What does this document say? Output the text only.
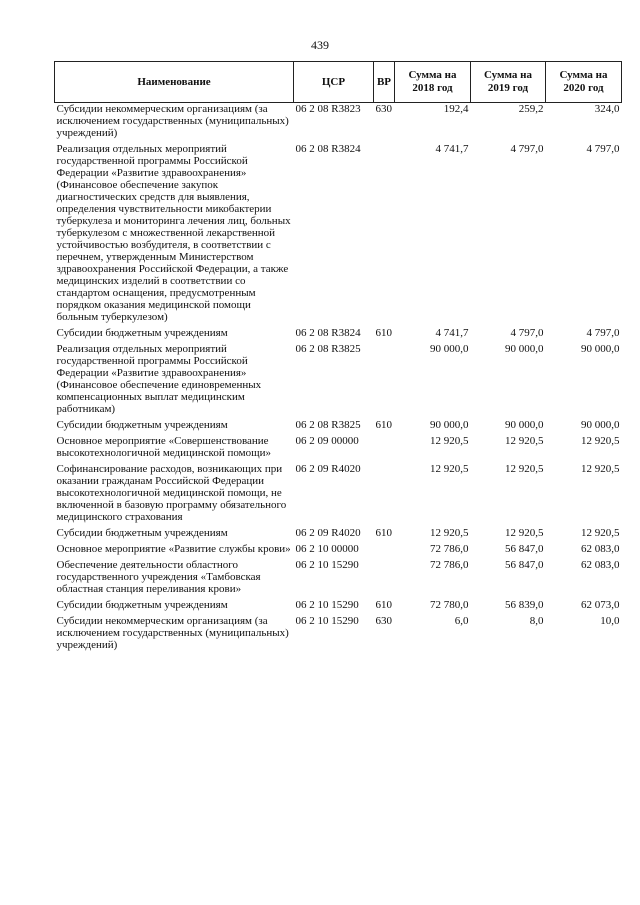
439
Наименование	ЦСР	ВР	Сумма на 2018 год	Сумма на 2019 год	Сумма на 2020 год
Субсидии некоммерческим организациям (за исключением государственных (муниципальных) учреждений)	06 2 08 R3823	630	192,4	259,2	324,0
Реализация отдельных мероприятий государственной программы Российской Федерации «Развитие здравоохранения» (Финансовое обеспечение закупок диагностических средств для выявления, определения чувствительности микобактерии туберкулеза и мониторинга лечения лиц, больных туберкулезом с множественной лекарственной устойчивостью возбудителя, в соответствии с перечнем, утвержденным Министерством здравоохранения Российской Федерации, а также медицинских изделий в соответствии со стандартом оснащения, предусмотренным порядком оказания медицинской помощи больным туберкулезом)	06 2 08 R3824		4 741,7	4 797,0	4 797,0
Субсидии бюджетным учреждениям	06 2 08 R3824	610	4 741,7	4 797,0	4 797,0
Реализация отдельных мероприятий государственной программы Российской Федерации «Развитие здравоохранения» (Финансовое обеспечение единовременных компенсационных выплат медицинским работникам)	06 2 08 R3825		90 000,0	90 000,0	90 000,0
Субсидии бюджетным учреждениям	06 2 08 R3825	610	90 000,0	90 000,0	90 000,0
Основное мероприятие «Совершенствование высокотехнологичной медицинской помощи»	06 2 09 00000		12 920,5	12 920,5	12 920,5
Софинансирование расходов, возникающих при оказании гражданам Российской Федерации высокотехнологичной медицинской помощи, не включенной в базовую программу обязательного медицинского страхования	06 2 09 R4020		12 920,5	12 920,5	12 920,5
Субсидии бюджетным учреждениям	06 2 09 R4020	610	12 920,5	12 920,5	12 920,5
Основное мероприятие «Развитие службы крови»	06 2 10 00000		72 786,0	56 847,0	62 083,0
Обеспечение деятельности областного государственного учреждения «Тамбовская областная станция переливания крови»	06 2 10 15290		72 786,0	56 847,0	62 083,0
Субсидии бюджетным учреждениям	06 2 10 15290	610	72 780,0	56 839,0	62 073,0
Субсидии некоммерческим организациям (за исключением государственных (муниципальных) учреждений)	06 2 10 15290	630	6,0	8,0	10,0
